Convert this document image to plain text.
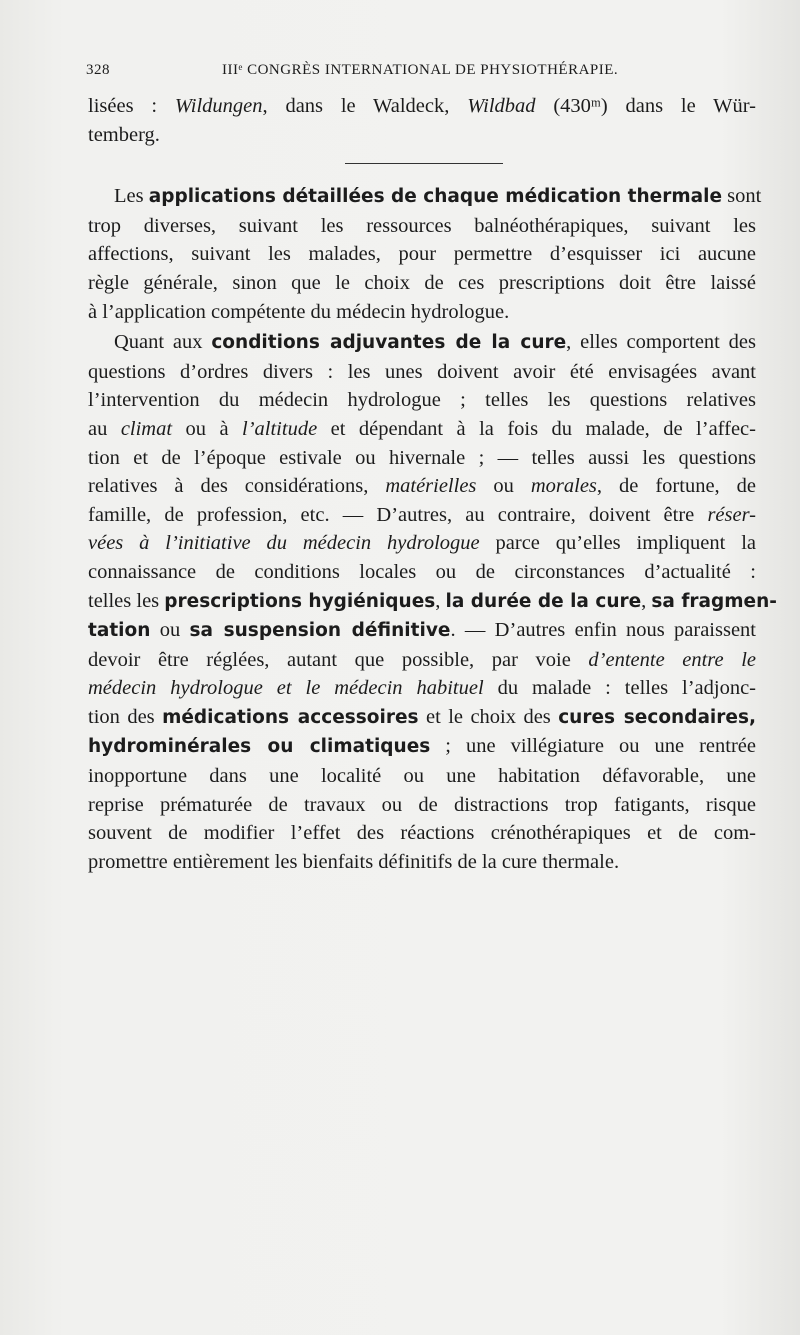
328	IIIᵉ CONGRÈS INTERNATIONAL DE PHYSIOTHÉRAPIE.

lisées : Wildungen, dans le Waldeck, Wildbad (430ᵐ) dans le Wür-
temberg.

Les applications détaillées de chaque médication thermale sont
trop diverses, suivant les ressources balnéothérapiques, suivant les
affections, suivant les malades, pour permettre d’esquisser ici aucune
règle générale, sinon que le choix de ces prescriptions doit être laissé
à l’application compétente du médecin hydrologue.

Quant aux conditions adjuvantes de la cure, elles comportent des
questions d’ordres divers : les unes doivent avoir été envisagées avant
l’intervention du médecin hydrologue ; telles les questions relatives
au climat ou à l’altitude et dépendant à la fois du malade, de l’affec-
tion et de l’époque estivale ou hivernale ; — telles aussi les questions
relatives à des considérations, matérielles ou morales, de fortune, de
famille, de profession, etc. — D’autres, au contraire, doivent être réser-
vées à l’initiative du médecin hydrologue parce qu’elles impliquent la
connaissance de conditions locales ou de circonstances d’actualité :
telles les prescriptions hygiéniques, la durée de la cure, sa fragmen-
tation ou sa suspension définitive. — D’autres enfin nous paraissent
devoir être réglées, autant que possible, par voie d’entente entre le
médecin hydrologue et le médecin habituel du malade : telles l’adjonc-
tion des médications accessoires et le choix des cures secondaires,
hydrominérales ou climatiques ; une villégiature ou une rentrée
inopportune dans une localité ou une habitation défavorable, une
reprise prématurée de travaux ou de distractions trop fatigants, risque
souvent de modifier l’effet des réactions crénothérapiques et de com-
promettre entièrement les bienfaits définitifs de la cure thermale.
